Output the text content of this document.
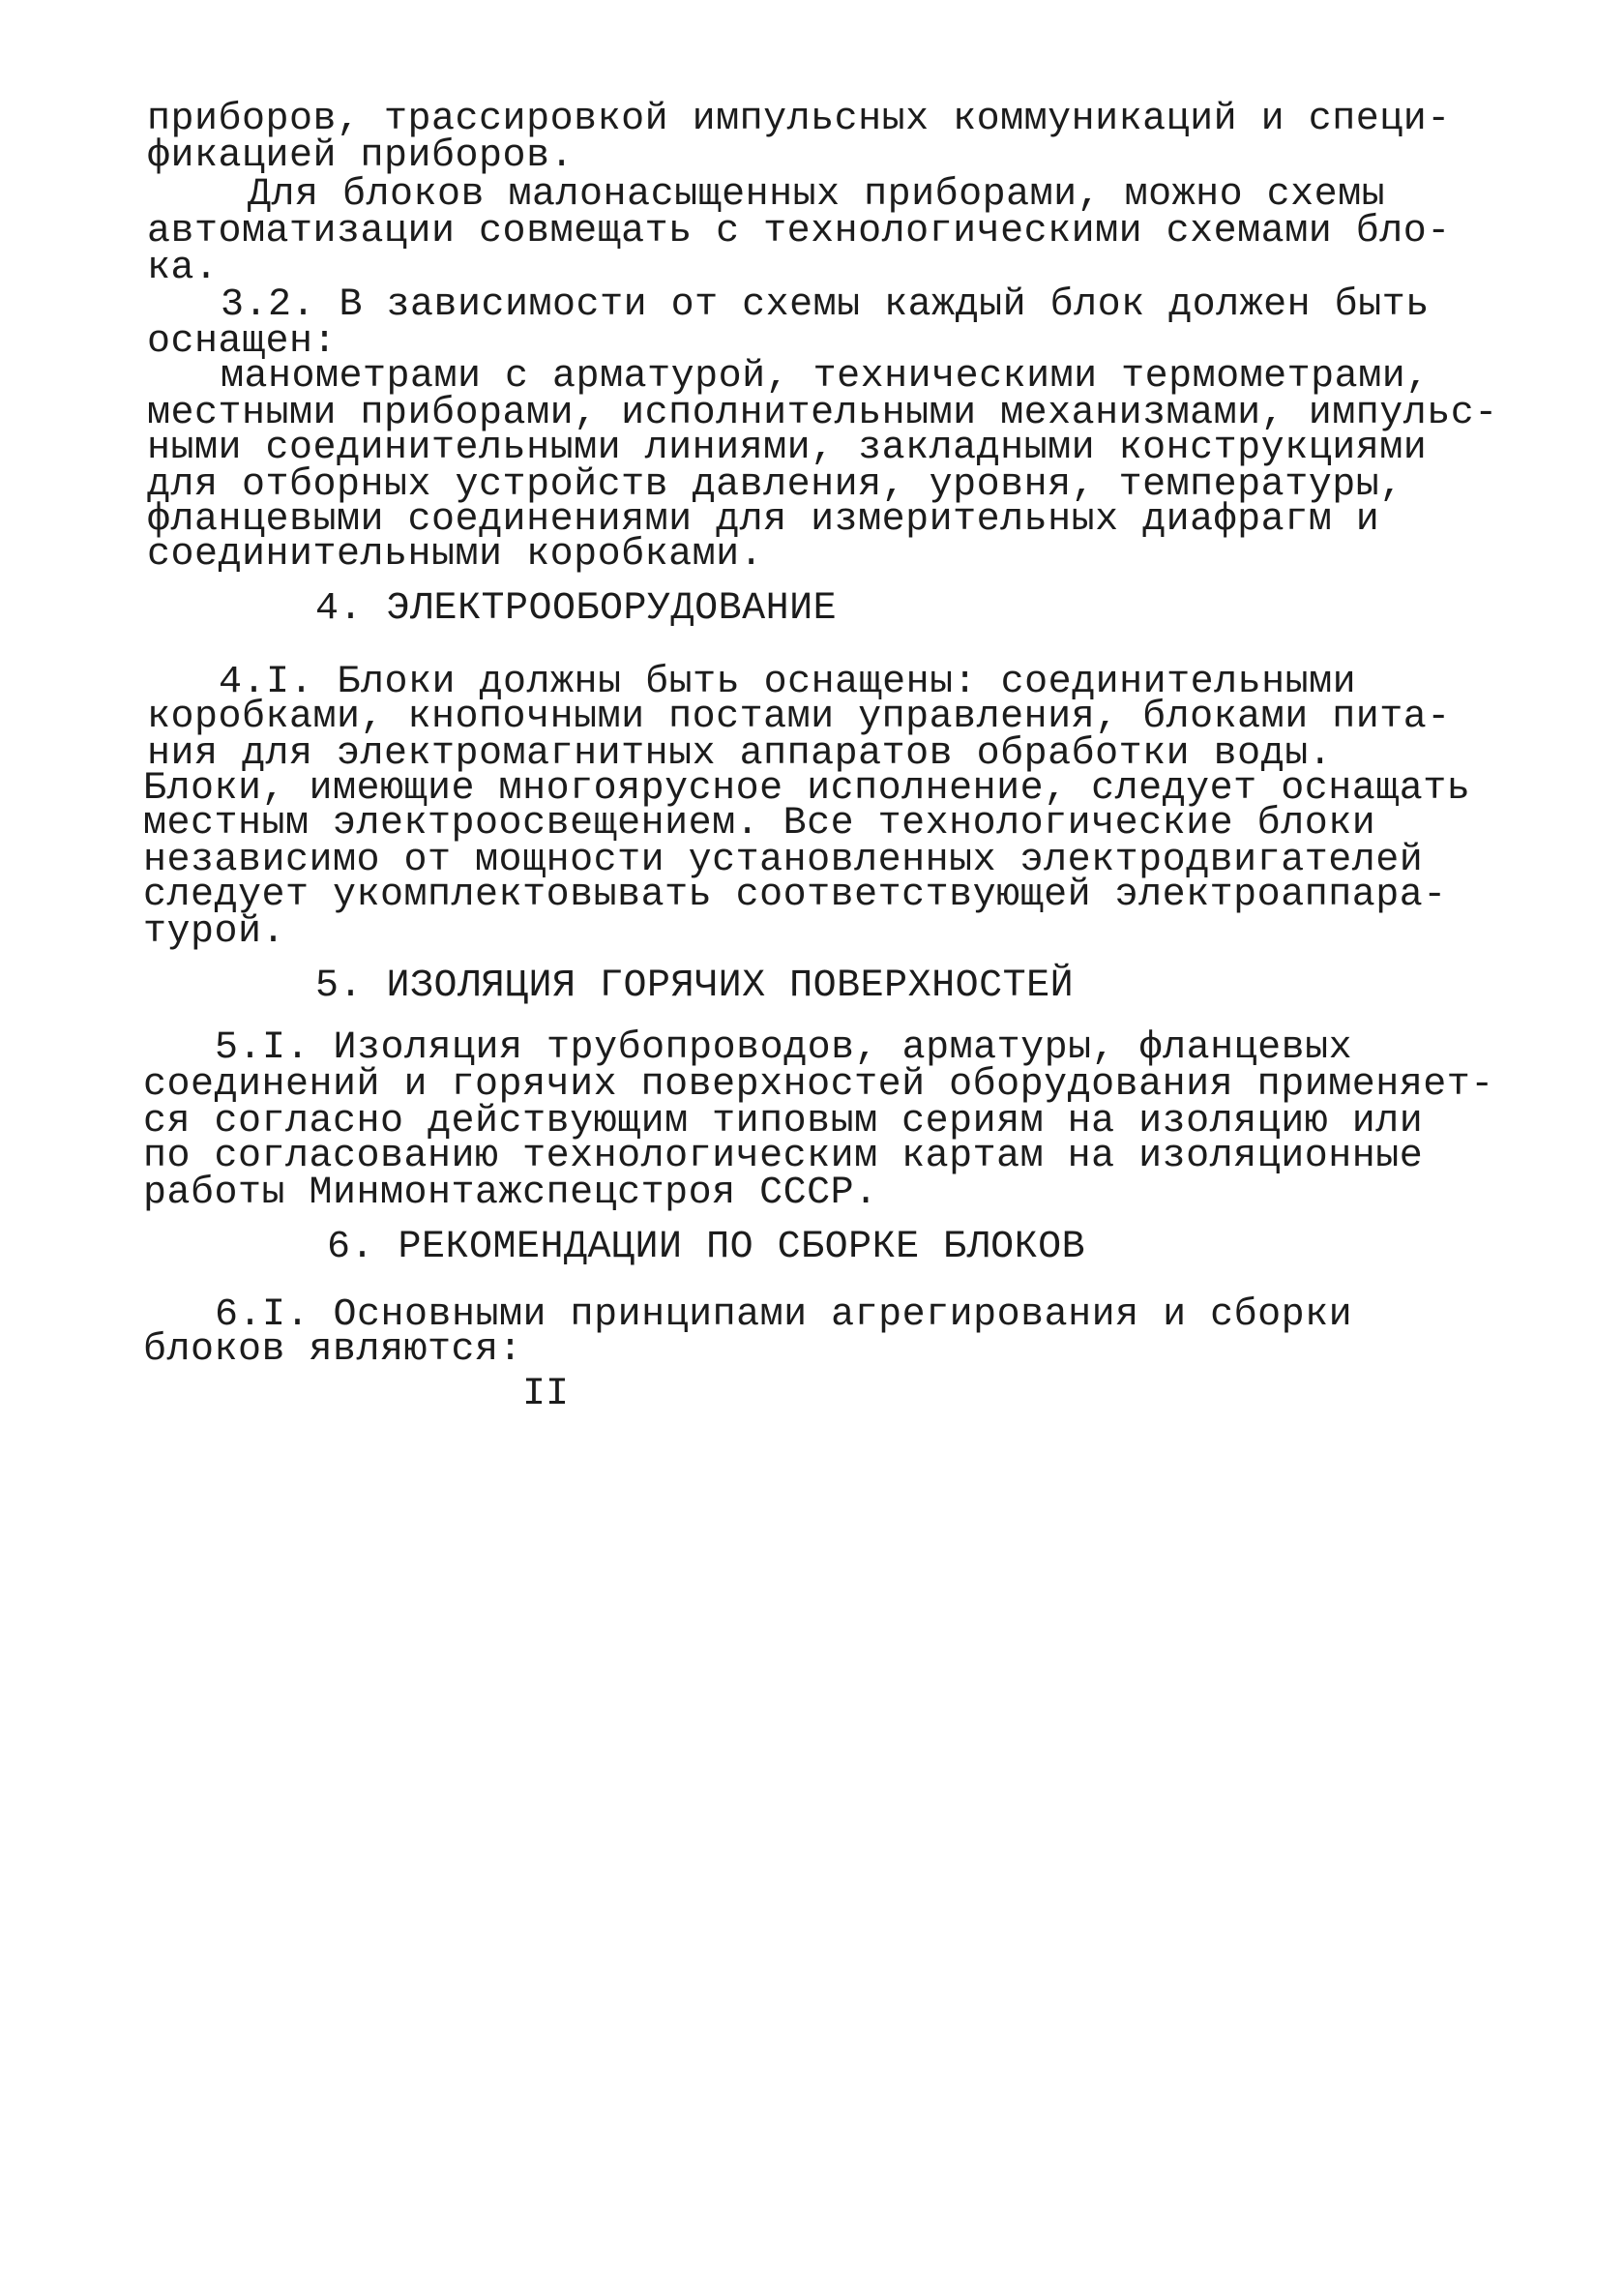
приборов, трассировкой импульсных коммуникаций и специ-

фикацией приборов.

Для блоков малонасыщенных приборами, можно схемы

автоматизации совмещать с технологическими схемами бло-

ка.

3.2. В зависимости от схемы каждый блок должен быть

оснащен:

манометрами с арматурой, техническими термометрами,

местными приборами, исполнительными механизмами, импульс-

ными соединительными линиями, закладными конструкциями

для отборных устройств давления, уровня, температуры,

фланцевыми соединениями для измерительных диафрагм и

соединительными коробками.

4. ЭЛЕКТРООБОРУДОВАНИЕ

4.I. Блоки должны быть оснащены: соединительными

коробками, кнопочными постами управления, блоками пита-

ния для электромагнитных аппаратов обработки воды.

Блоки, имеющие многоярусное исполнение, следует оснащать

местным электроосвещением. Все технологические блоки

независимо от мощности установленных электродвигателей

следует укомплектовывать соответствующей электроаппара-

турой.

5. ИЗОЛЯЦИЯ ГОРЯЧИХ ПОВЕРХНОСТЕЙ

5.I. Изоляция трубопроводов, арматуры, фланцевых

соединений и горячих поверхностей оборудования применяет-

ся согласно действующим типовым сериям на изоляцию или

по согласованию технологическим картам на изоляционные

работы Минмонтажспецстроя СССР.

6. РЕКОМЕНДАЦИИ ПО СБОРКЕ БЛОКОВ

6.I. Основными принципами агрегирования и сборки

блоков являются:

II
